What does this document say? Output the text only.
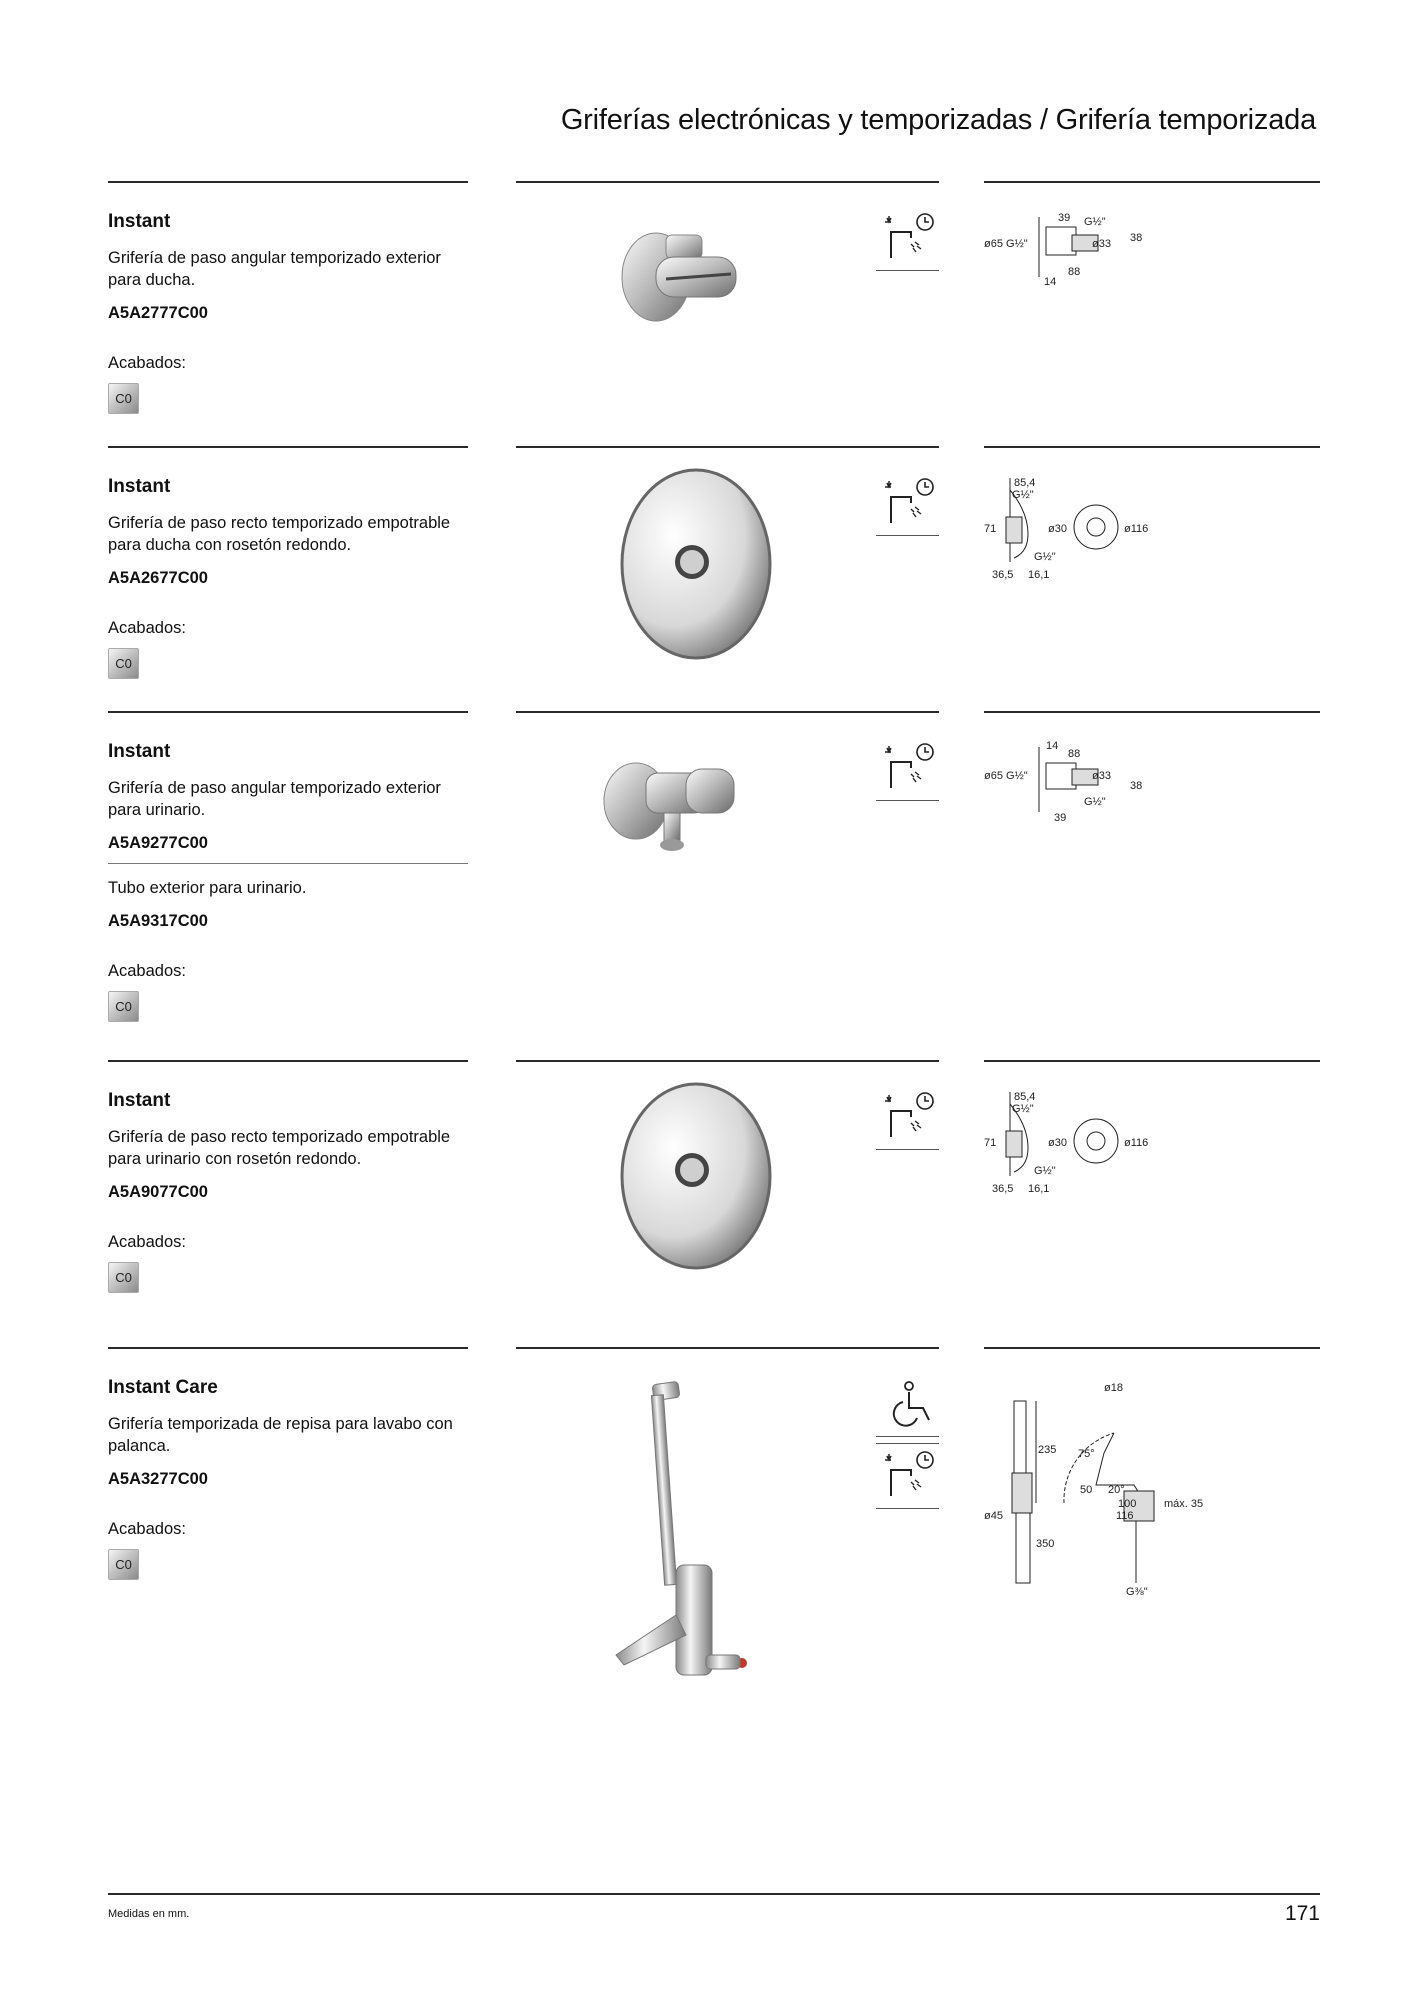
Griferías electrónicas y temporizadas / Grifería temporizada
Instant
Grifería de paso angular temporizado exterior para ducha.
A5A2777C00
Acabados:
C0
39 G½"
ø65 G½"	ø33 38
14
88
Instant
Grifería de paso recto temporizado empotrable para ducha con rosetón redondo.
A5A2677C00
Acabados:
C0
85,4
G½"
71	ø30	ø116
G½"
36,5 16,1
Instant
Grifería de paso angular temporizado exterior para urinario.
A5A9277C00
Tubo exterior para urinario.
A5A9317C00
Acabados:
C0
14
88
ø65 G½"	ø33
38
G½"
39
Instant
Grifería de paso recto temporizado empotrable para urinario con rosetón redondo.
A5A9077C00
Acabados:
C0
85,4
G½"
71	ø30	ø116
G½"
36,5 16,1
Instant Care
Grifería temporizada de repisa para lavabo con palanca.
A5A3277C00
Acabados:
C0
ø18
235 75°
50 20°
100
116
máx. 35
ø45
350
G⅜"
Medidas en mm.	171
